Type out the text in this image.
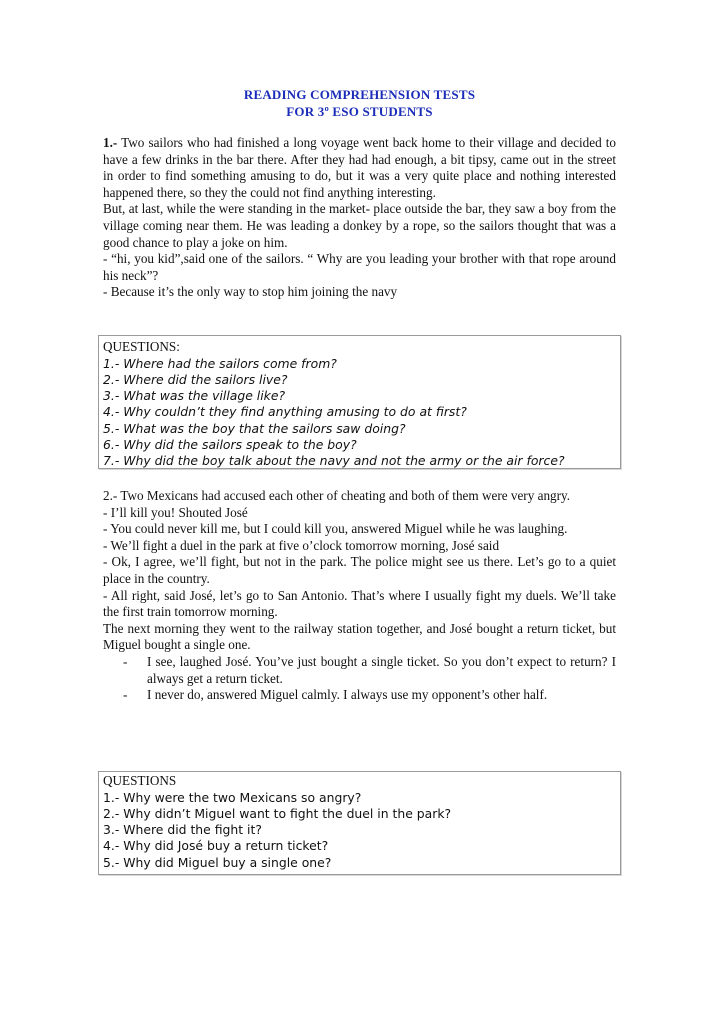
READING COMPREHENSION TESTS
FOR 3º ESO STUDENTS

1.- Two sailors who had finished a long voyage went back home to their village and decided to have a few drinks in the bar there. After they had had enough, a bit tipsy, came out in the street in order to find something amusing to do, but it was a very quite place and nothing interested happened there, so they the could not find anything interesting.

But, at last, while the were standing in the market- place outside the bar, they saw a boy from the village coming near them. He was leading a donkey by a rope, so the sailors thought that was a good chance to play a joke on him.

- “hi, you kid”,said one of the sailors. “ Why are you leading your brother with that rope around his neck”?

- Because it’s the only way to stop him joining the navy

QUESTIONS:

1.- Where had the sailors come from?

2.- Where did the sailors live?

3.- What was the village like?

4.- Why couldn’t they find anything amusing to do at first?

5.- What was the boy that the sailors saw doing?

6.- Why did the sailors speak to the boy?

7.- Why did the boy talk about the navy and not the army or the air force?

2.- Two Mexicans had accused each other of cheating and both of them were very angry.

- I’ll kill you! Shouted José

- You could never kill me, but I could kill you, answered Miguel while he was laughing.

- We’ll fight a duel in the park at five o’clock tomorrow morning, José said

- Ok, I agree, we’ll fight, but not in the park. The police might see us there. Let’s go to a quiet place in the country.

- All right, said José, let’s go to San Antonio. That’s where I usually fight my duels. We’ll take the first train tomorrow morning.

The next morning they went to the railway station together, and José bought a return ticket, but Miguel bought a single one.

- I see, laughed José. You’ve just bought a single ticket. So you don’t expect to return? I always get a return ticket.

- I never do, answered Miguel calmly. I always use my opponent’s other half.

QUESTIONS

1.- Why were the two Mexicans so angry?

2.- Why didn’t Miguel want to fight the duel in the park?

3.- Where did the fight it?

4.- Why did José buy a return ticket?

5.- Why did Miguel buy a single one?
